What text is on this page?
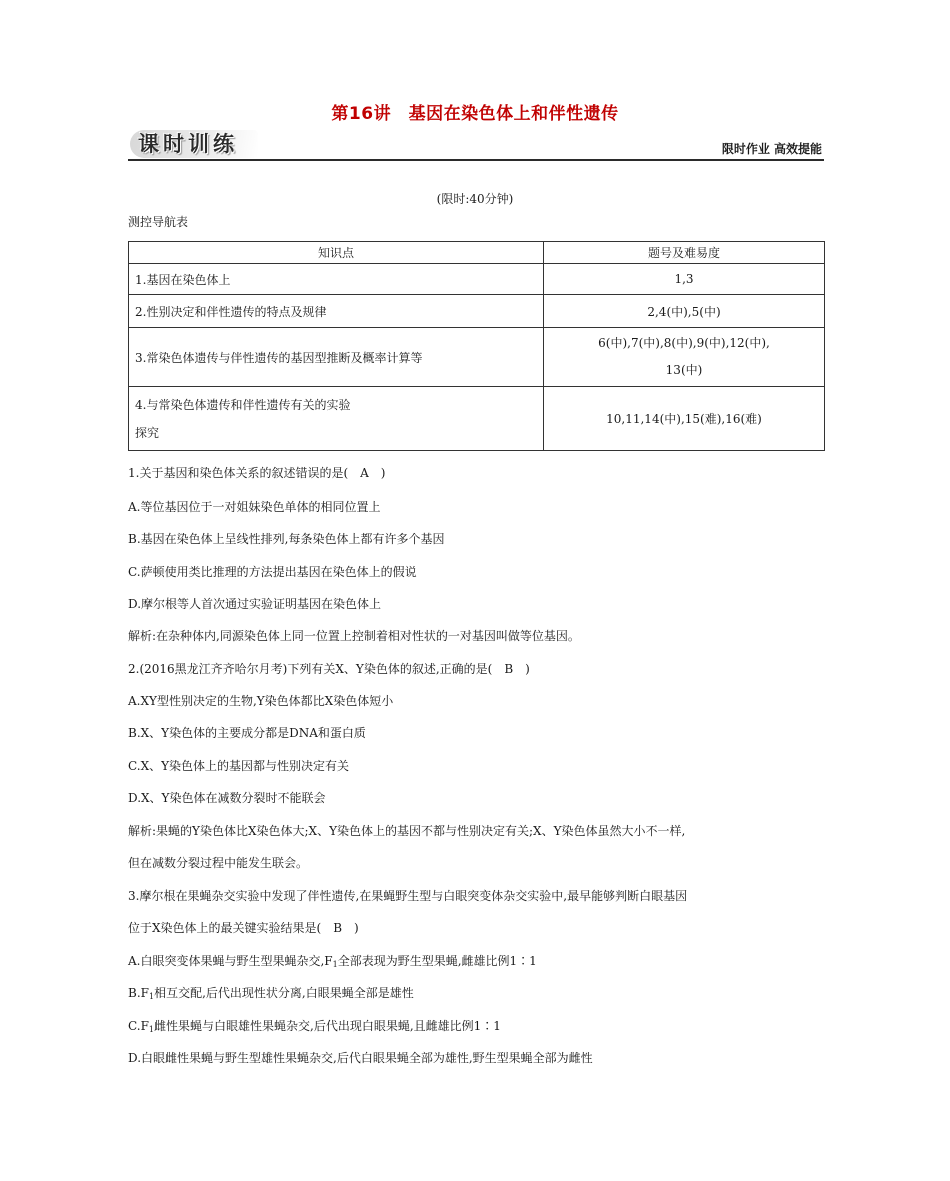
第16讲　基因在染色体上和伴性遗传
课时训练	限时作业 高效提能
(限时:40分钟)
测控导航表
知识点	题号及难易度
1.基因在染色体上	1,3
2.性别决定和伴性遗传的特点及规律	2,4(中),5(中)
3.常染色体遗传与伴性遗传的基因型推断及概率计算等	6(中),7(中),8(中),9(中),12(中),
13(中)
4.与常染色体遗传和伴性遗传有关的实验
探究	10,11,14(中),15(难),16(难)
1.关于基因和染色体关系的叙述错误的是(　A　)
A.等位基因位于一对姐妹染色单体的相同位置上
B.基因在染色体上呈线性排列,每条染色体上都有许多个基因
C.萨顿使用类比推理的方法提出基因在染色体上的假说
D.摩尔根等人首次通过实验证明基因在染色体上
解析:在杂种体内,同源染色体上同一位置上控制着相对性状的一对基因叫做等位基因。
2.(2016黑龙江齐齐哈尔月考)下列有关X、Y染色体的叙述,正确的是(　B　)
A.XY型性别决定的生物,Y染色体都比X染色体短小
B.X、Y染色体的主要成分都是DNA和蛋白质
C.X、Y染色体上的基因都与性别决定有关
D.X、Y染色体在减数分裂时不能联会
解析:果蝇的Y染色体比X染色体大;X、Y染色体上的基因不都与性别决定有关;X、Y染色体虽然大小不一样,
但在减数分裂过程中能发生联会。
3.摩尔根在果蝇杂交实验中发现了伴性遗传,在果蝇野生型与白眼突变体杂交实验中,最早能够判断白眼基因
位于X染色体上的最关键实验结果是(　B　)
A.白眼突变体果蝇与野生型果蝇杂交$,F_1$全部表现为野生型果蝇,雌雄比例1∶1
$B.F_1$相互交配,后代出现性状分离,白眼果蝇全部是雄性
$C.F_1$雌性果蝇与白眼雄性果蝇杂交,后代出现白眼果蝇,且雌雄比例1∶1
D.白眼雌性果蝇与野生型雄性果蝇杂交,后代白眼果蝇全部为雄性,野生型果蝇全部为雌性
